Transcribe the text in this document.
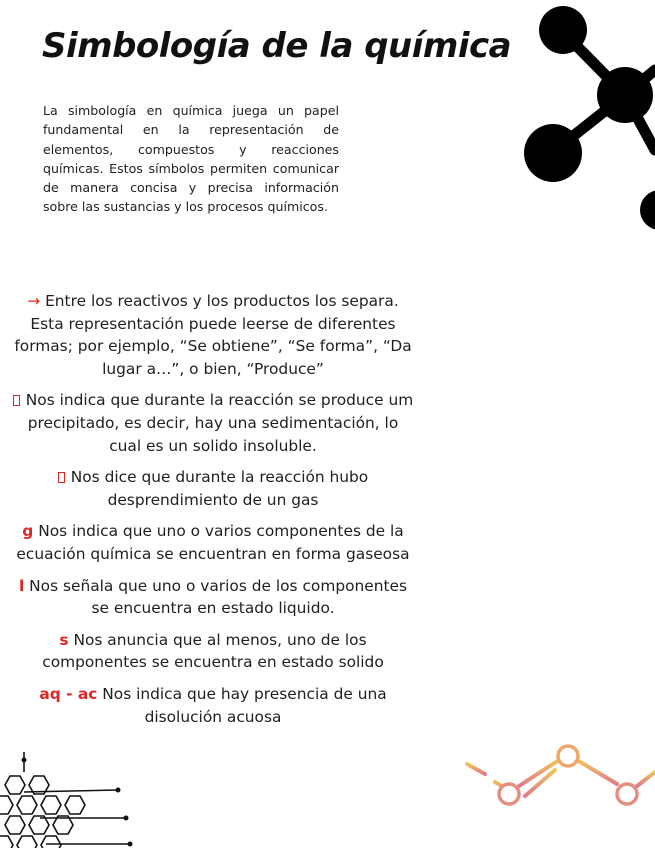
Simbología de la química

La simbología en química juega un papel fundamental en la representación de elementos, compuestos y reacciones químicas. Estos símbolos permiten comunicar de manera concisa y precisa información sobre las sustancias y los procesos químicos.

→ Entre los reactivos y los productos los separa. Esta representación puede leerse de diferentes formas; por ejemplo, “Se obtiene”, “Se forma”, “Da lugar a…”, o bien, “Produce”

Nos indica que durante la reacción se produce um precipitado, es decir, hay una sedimentación, lo cual es un solido insoluble.

Nos dice que durante la reacción hubo desprendimiento de un gas

g Nos indica que uno o varios componentes de la ecuación química se encuentran en forma gaseosa

l Nos señala que uno o varios de los componentes se encuentra en estado liquido.

s Nos anuncia que al menos, uno de los componentes se encuentra en estado solido

aq - ac Nos indica que hay presencia de una disolución acuosa
